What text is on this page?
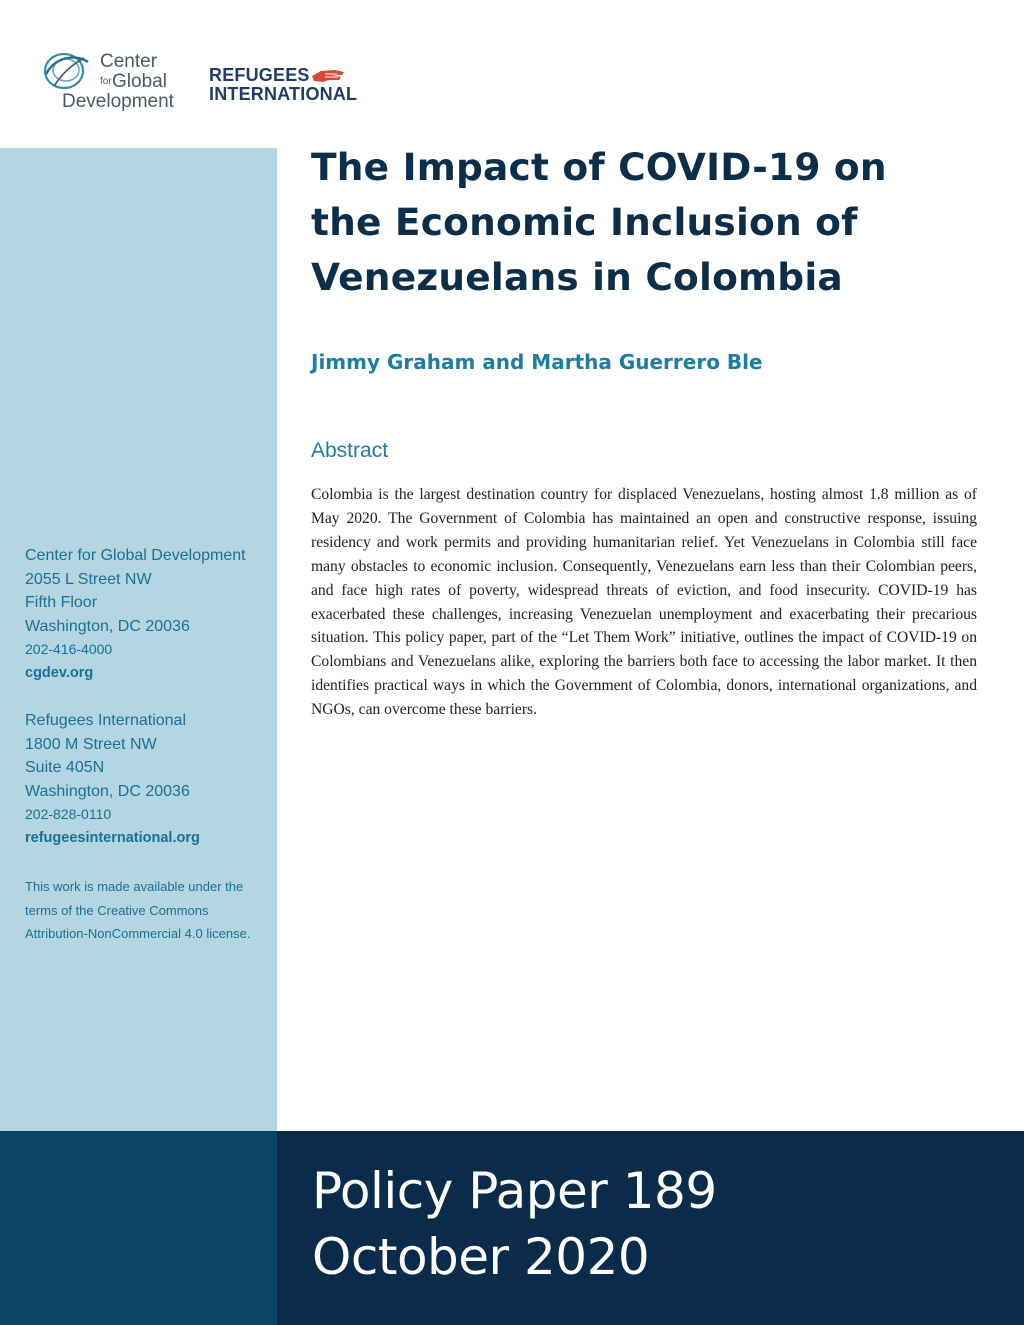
Center
forGlobal
Development
REFUGEES
INTERNATIONAL
Center for Global Development
2055 L Street NW
Fifth Floor
Washington, DC 20036
202-416-4000
cgdev.org
Refugees International
1800 M Street NW
Suite 405N
Washington, DC 20036
202-828-0110
refugeesinternational.org
This work is made available under the terms of the Creative Commons Attribution-NonCommercial 4.0 license.
The Impact of COVID-19 on the Economic Inclusion of Venezuelans in Colombia
Jimmy Graham and Martha Guerrero Ble
Abstract

Colombia is the largest destination country for displaced Venezuelans, hosting almost 1.8 million as of May 2020. The Government of Colombia has maintained an open and constructive response, issuing residency and work permits and providing humanitarian relief. Yet Venezuelans in Colombia still face many obstacles to economic inclusion. Consequently, Venezuelans earn less than their Colombian peers, and face high rates of poverty, widespread threats of eviction, and food insecurity. COVID-19 has exacerbated these challenges, increasing Venezuelan unemployment and exacerbating their precarious situation. This policy paper, part of the “Let Them Work” initiative, outlines the impact of COVID-19 on Colombians and Venezuelans alike, exploring the barriers both face to accessing the labor market. It then identifies practical ways in which the Government of Colombia, donors, international organizations, and NGOs, can overcome these barriers.

Policy Paper 189
October 2020
